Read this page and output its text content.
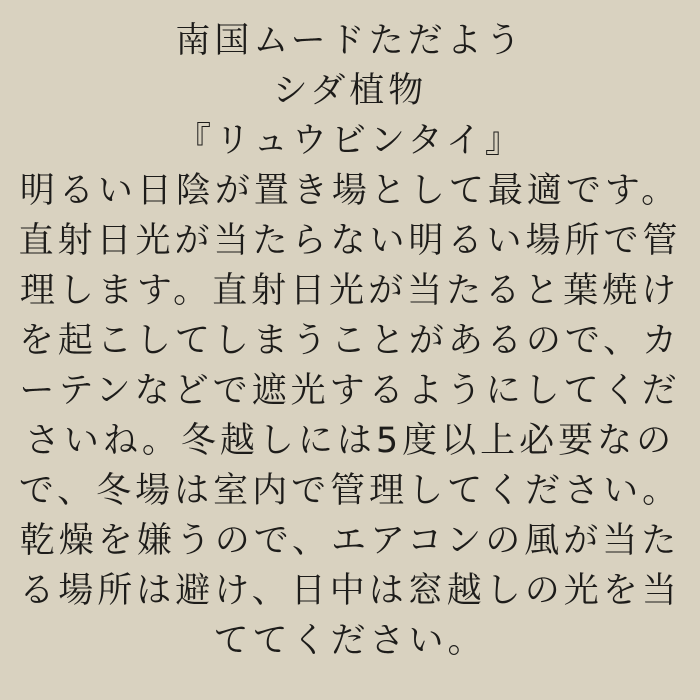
南国ムードただよう
シダ植物
『リュウビンタイ』
明るい日陰が置き場として最適です。
直射日光が当たらない明るい場所で管
理します。直射日光が当たると葉焼け
を起こしてしまうことがあるので、カ
ーテンなどで遮光するようにしてくだ
さいね。冬越しには5度以上必要なの
で、冬場は室内で管理してください。
乾燥を嫌うので、エアコンの風が当た
る場所は避け、日中は窓越しの光を当
ててください。
